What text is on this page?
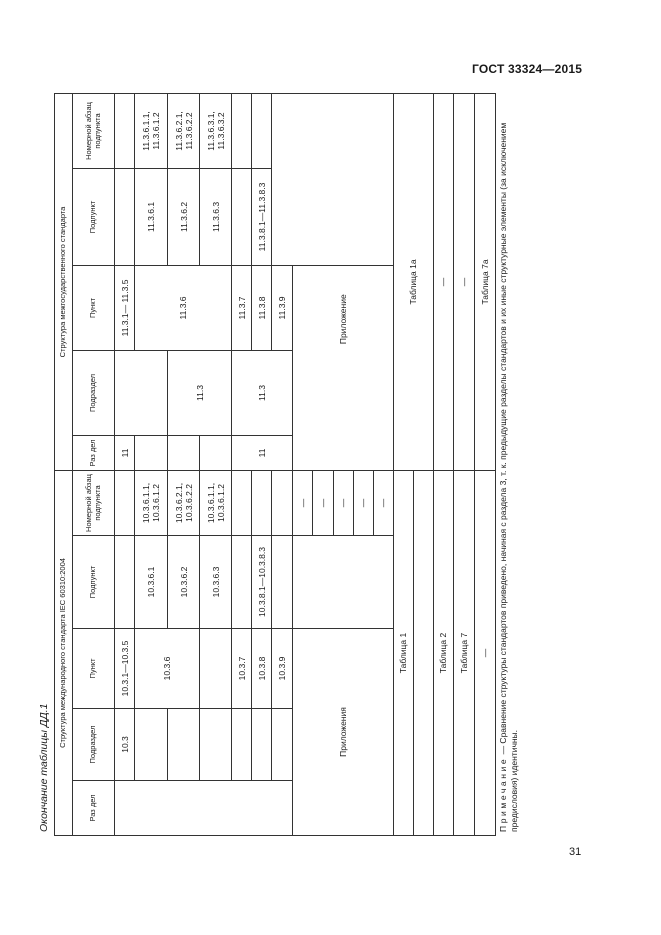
ГОСТ 33324—2015
Окончание таблицы ДД.1
Структура международного стандарта IEC 60310:2004					Структура межгосударственного стандарта					
Раз дел	Подраздел	Пункт	Подпункт	Номерной абзац подпункта	Раз дел	Подраздел	Пункт	Подпункт	Номерной абзац подпункта	
	10.3	10.3.1—10.3.5			11		11.3.1— 11.3.5			
		10.3.6	10.3.6.1	10.3.6.1.1, 10.3.6.1.2			11.3.6	11.3.6.1	11.3.6.1.1, 11.3.6.1.2	
			10.3.6.2	10.3.6.2.1, 10.3.6.2.2		11.3		11.3.6.2	11.3.6.2.1, 11.3.6.2.2	
			10.3.6.3	10.3.6.1.1, 10.3.6.1.2				11.3.6.3	11.3.6.3.1, 11.3.6.3.2	
		10.3.7			11	11.3	11.3.7			
		10.3.8	10.3.8.1—10.3.8.3				11.3.8	11.3.8.1—11.3.8.3		
		10.3.9					11.3.9			
Приложения				—	Приложение	
				—	
				—	
				—	
				—	
Таблица 1					Таблица 1а					

Таблица 2					—					
Таблица 7					—					
—					Таблица 7а					
Примечание — Сравнение структуры стандартов приведено, начиная с раздела 3, т. к. предыдущие разделы стандартов и их иные структурные элементы (за исключением предисловия) идентичны.
31
